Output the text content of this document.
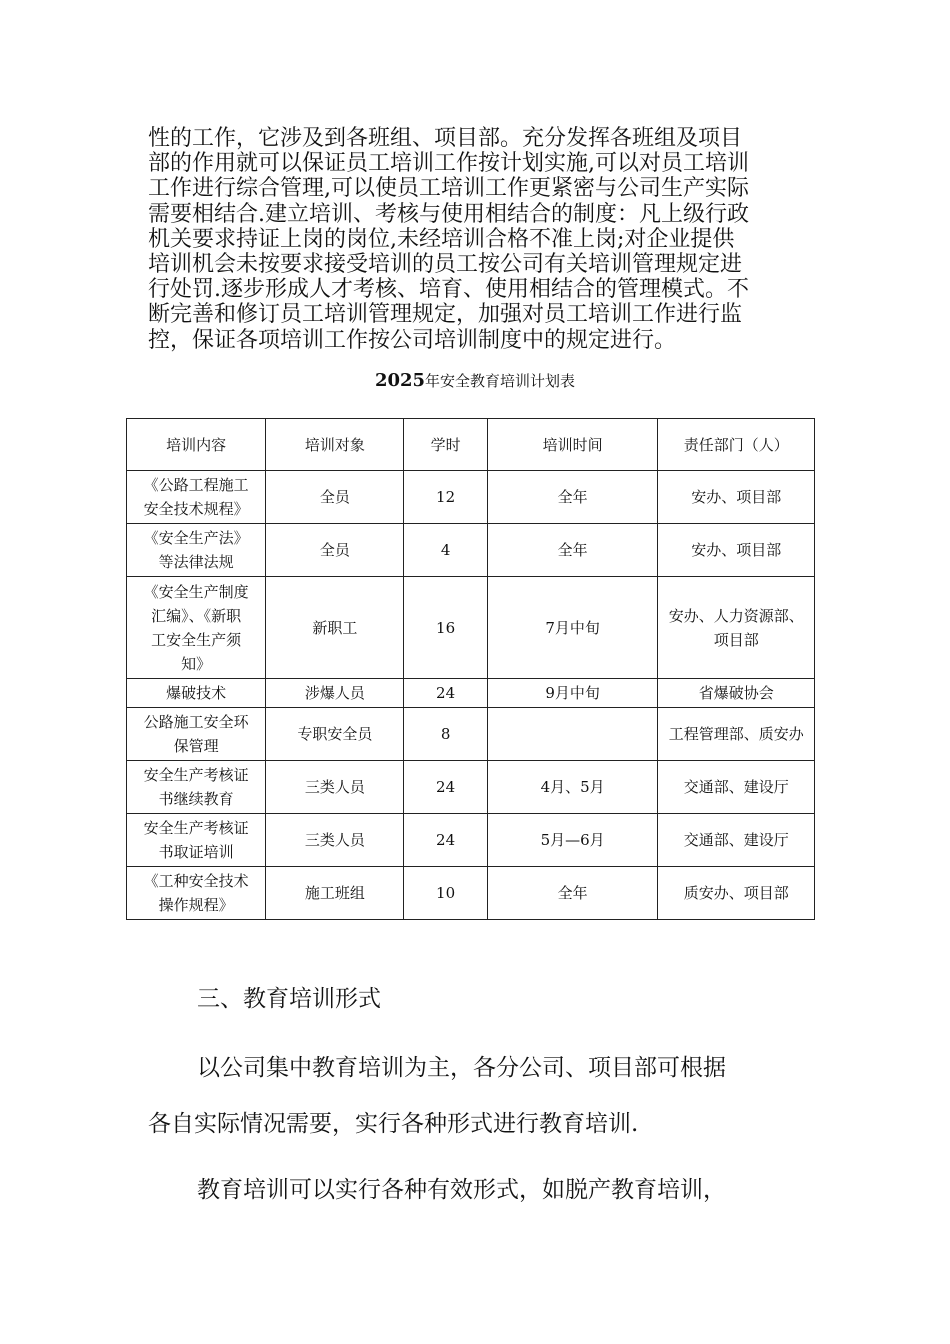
性的工作，它涉及到各班组、项目部。充分发挥各班组及项目
部的作用就可以保证员工培训工作按计划实施,可以对员工培训
工作进行综合管理,可以使员工培训工作更紧密与公司生产实际
需要相结合.建立培训、考核与使用相结合的制度：凡上级行政
机关要求持证上岗的岗位,未经培训合格不准上岗;对企业提供
培训机会未按要求接受培训的员工按公司有关培训管理规定进
行处罚.逐步形成人才考核、培育、使用相结合的管理模式。不
断完善和修订员工培训管理规定，加强对员工培训工作进行监
控，保证各项培训工作按公司培训制度中的规定进行。

2025年安全教育培训计划表

培训内容	培训对象	学时	培训时间	责任部门（人）

《公路工程施工
安全技术规程》	全员	12	全年	安办、项目部

《安全生产法》
等法律法规	全员	4	全年	安办、项目部

《安全生产制度
汇编》、《新职
工安全生产须
知》	新职工	16	7月中旬	安办、人力资源部、
项目部

爆破技术	涉爆人员	24	9月中旬	省爆破协会

公路施工安全环
保管理	专职安全员	8		工程管理部、质安办

安全生产考核证
书继续教育	三类人员	24	4月、5月	交通部、建设厅

安全生产考核证
书取证培训	三类人员	24	5月—6月	交通部、建设厅

《工种安全技术
操作规程》	施工班组	10	全年	质安办、项目部

三、教育培训形式

以公司集中教育培训为主，各分公司、项目部可根据
各自实际情况需要，实行各种形式进行教育培训.
教育培训可以实行各种有效形式，如脱产教育培训，
